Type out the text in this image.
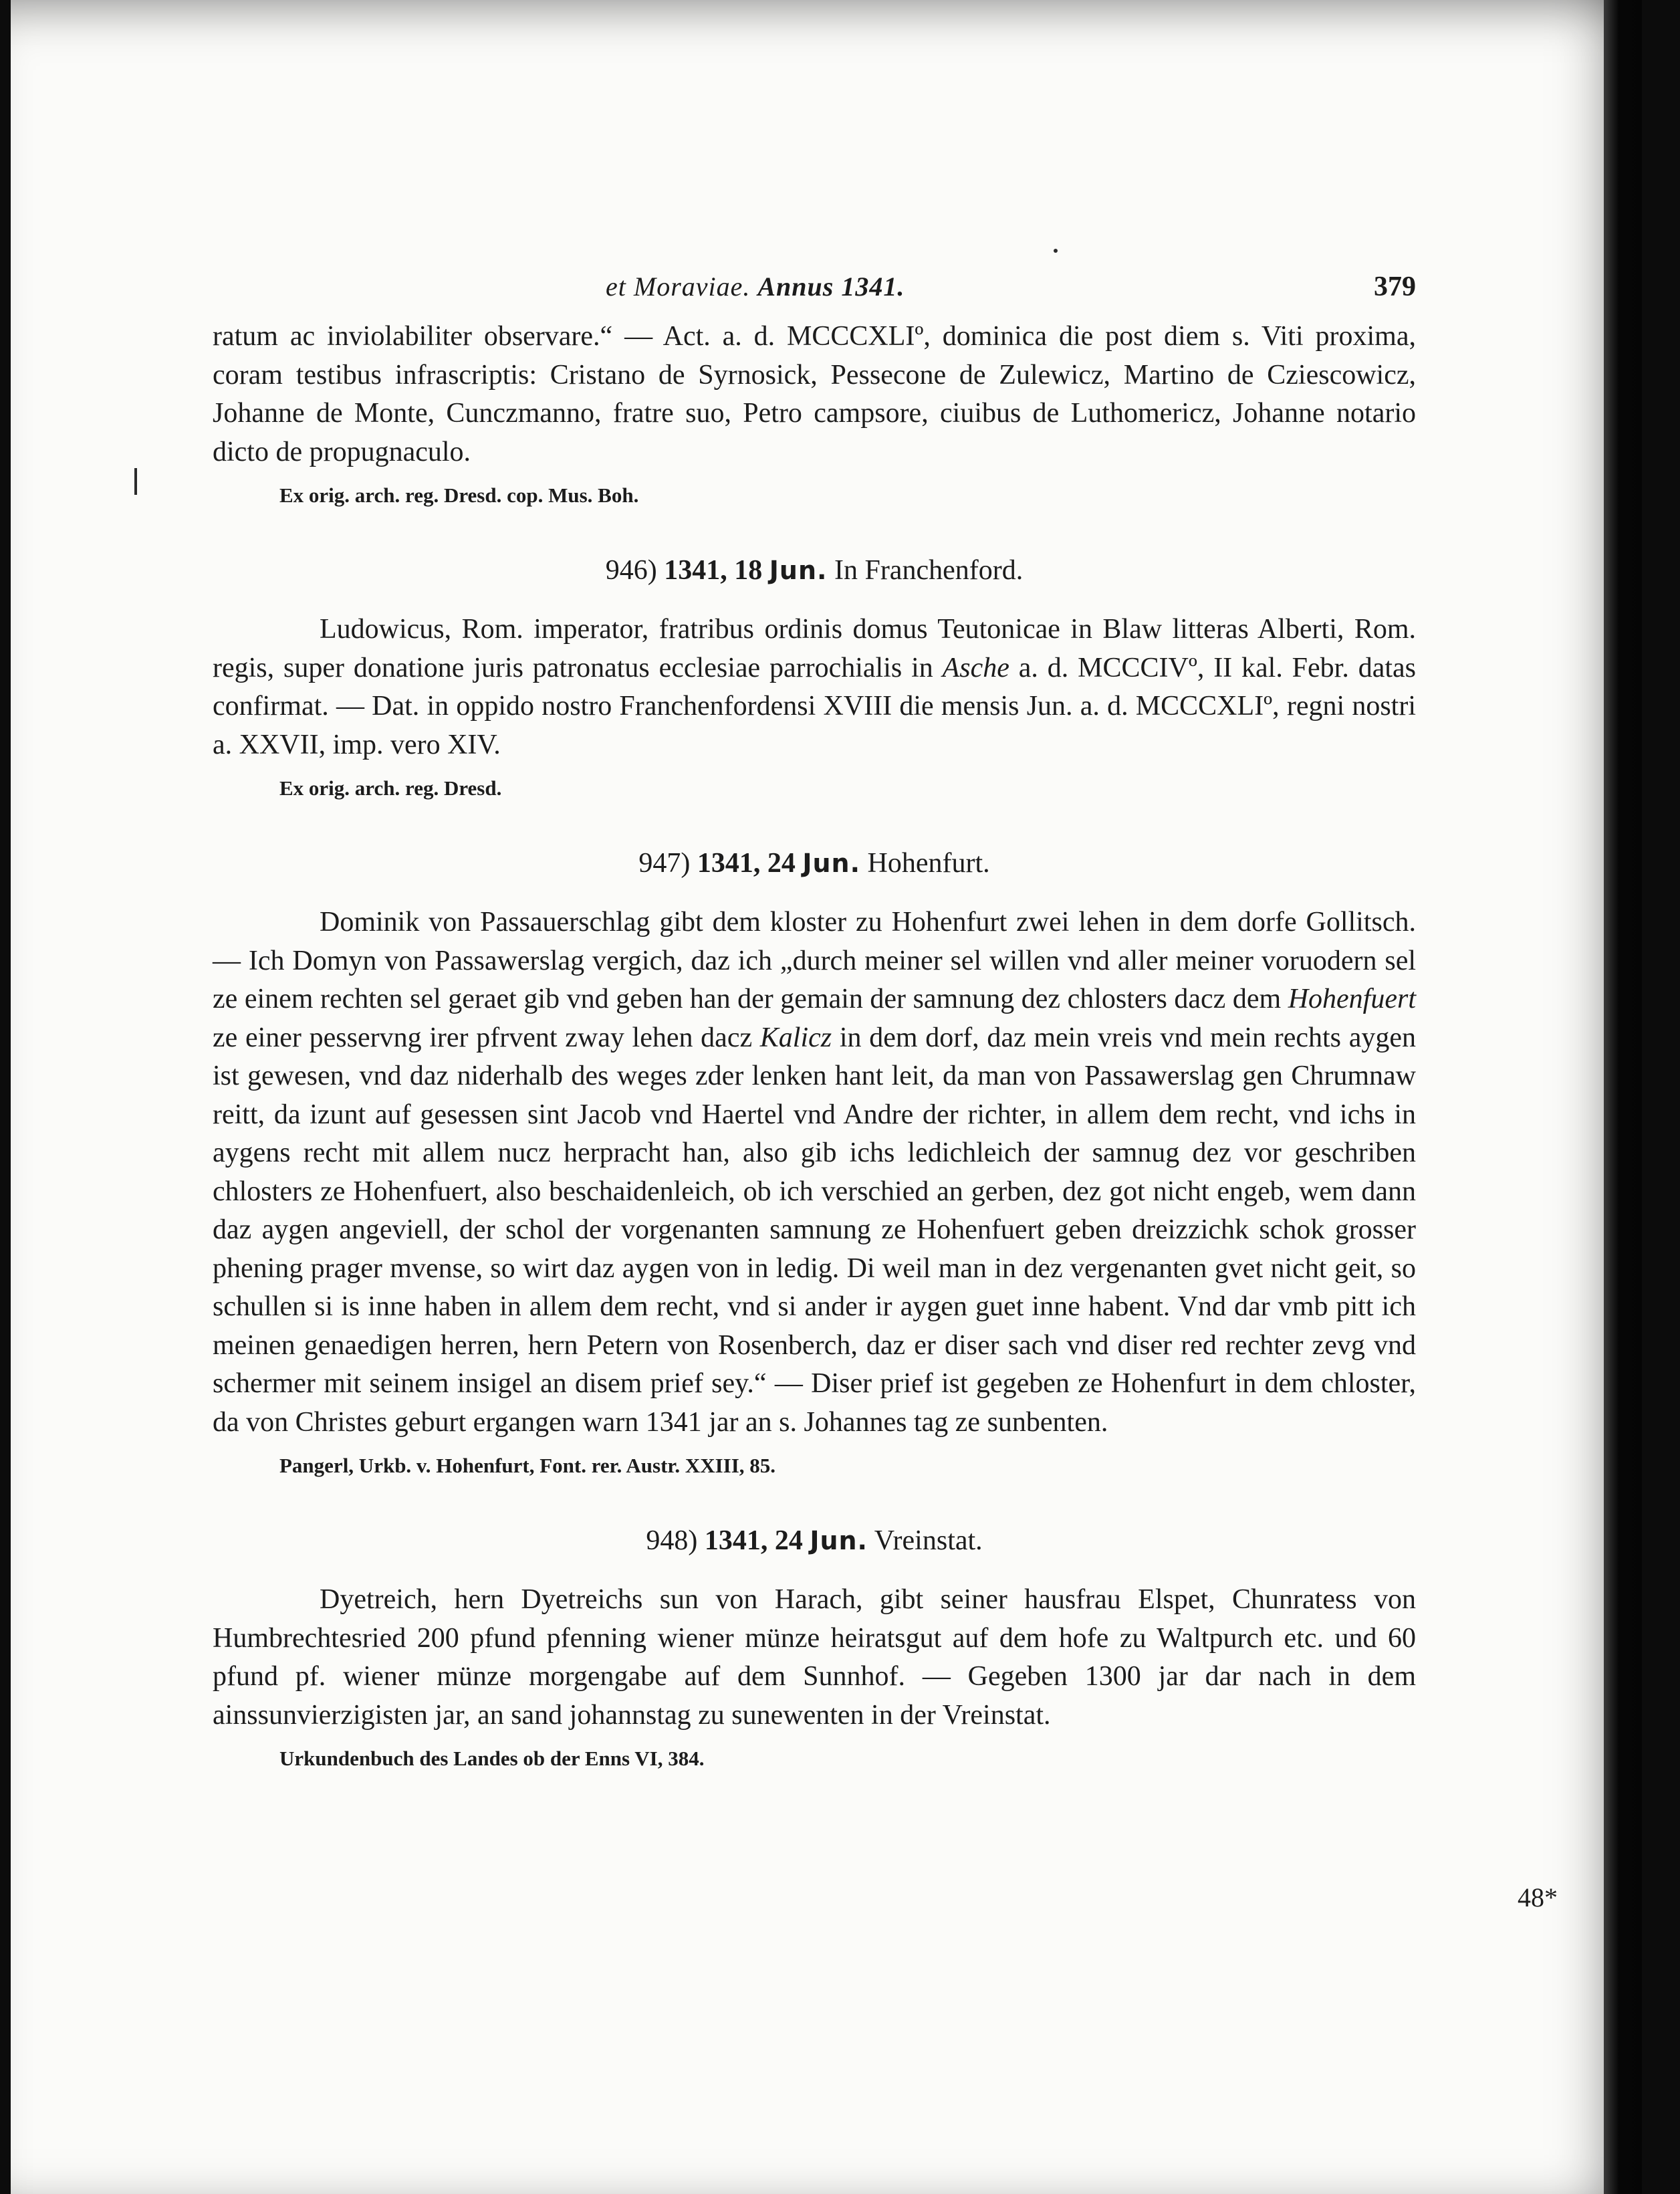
et Moraviae. Annus 1341.	379

ratum ac inviolabiliter observare.“ — Act. a. d. MCCCXLIº, dominica die post diem s. Viti proxima, coram testibus infrascriptis: Cristano de Syrnosick, Pessecone de Zulewicz, Martino de Cziescowicz, Johanne de Monte, Cunczmanno, fratre suo, Petro campsore, ciuibus de Luthomericz, Johanne notario dicto de propugnaculo.

Ex orig. arch. reg. Dresd. cop. Mus. Boh.
946) 1341, 18 Jun. In Franchenford.

Ludowicus, Rom. imperator, fratribus ordinis domus Teutonicae in Blaw litteras Alberti, Rom. regis, super donatione juris patronatus ecclesiae parrochialis in Asche a. d. MCCCIVº, II kal. Febr. datas confirmat. — Dat. in oppido nostro Franchenfordensi XVIII die mensis Jun. a. d. MCCCXLIº, regni nostri a. XXVII, imp. vero XIV.

Ex orig. arch. reg. Dresd.
947) 1341, 24 Jun. Hohenfurt.

Dominik von Passauerschlag gibt dem kloster zu Hohenfurt zwei lehen in dem dorfe Gollitsch. — Ich Domyn von Passawerslag vergich, daz ich „durch meiner sel willen vnd aller meiner voruodern sel ze einem rechten sel geraet gib vnd geben han der gemain der samnung dez chlosters dacz dem Hohenfuert ze einer pesservng irer pfrvent zway lehen dacz Kalicz in dem dorf, daz mein vreis vnd mein rechts aygen ist gewesen, vnd daz niderhalb des weges zder lenken hant leit, da man von Passawerslag gen Chrumnaw reitt, da izunt auf gesessen sint Jacob vnd Haertel vnd Andre der richter, in allem dem recht, vnd ichs in aygens recht mit allem nucz herpracht han, also gib ichs ledichleich der samnug dez vor geschriben chlosters ze Hohenfuert, also beschaidenleich, ob ich verschied an gerben, dez got nicht engeb, wem dann daz aygen angeviell, der schol der vorgenanten samnung ze Hohenfuert geben dreizzichk schok grosser phening prager mvense, so wirt daz aygen von in ledig. Di weil man in dez vergenanten gvet nicht geit, so schullen si is inne haben in allem dem recht, vnd si ander ir aygen guet inne habent. Vnd dar vmb pitt ich meinen genaedigen herren, hern Petern von Rosenberch, daz er diser sach vnd diser red rechter zevg vnd schermer mit seinem insigel an disem prief sey.“ — Diser prief ist gegeben ze Hohenfurt in dem chloster, da von Christes geburt ergangen warn 1341 jar an s. Johannes tag ze sunbenten.

Pangerl, Urkb. v. Hohenfurt, Font. rer. Austr. XXIII, 85.
948) 1341, 24 Jun. Vreinstat.

Dyetreich, hern Dyetreichs sun von Harach, gibt seiner hausfrau Elspet, Chunratess von Humbrechtesried 200 pfund pfenning wiener münze heiratsgut auf dem hofe zu Waltpurch etc. und 60 pfund pf. wiener münze morgengabe auf dem Sunnhof. — Gegeben 1300 jar dar nach in dem ainssunvierzigisten jar, an sand johannstag zu sunewenten in der Vreinstat.

Urkundenbuch des Landes ob der Enns VI, 384.
48*
